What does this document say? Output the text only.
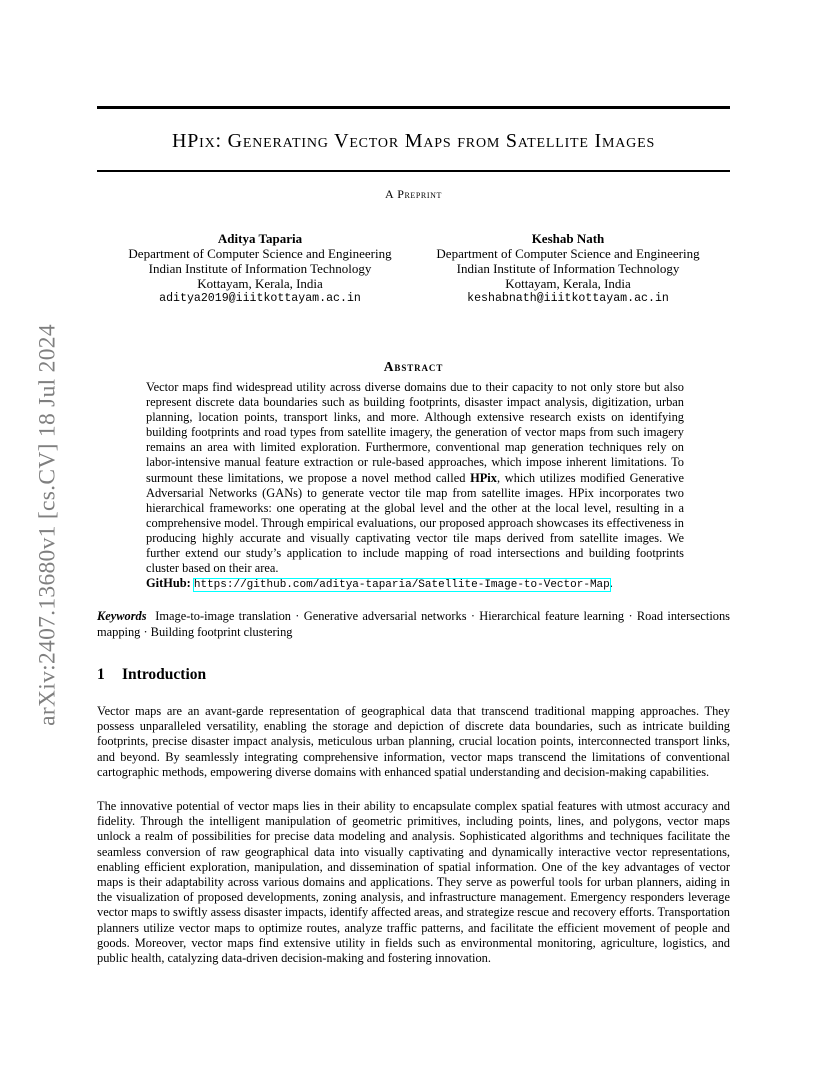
arXiv:2407.13680v1 [cs.CV] 18 Jul 2024
HPix: Generating Vector Maps from Satellite Images
A Preprint
Aditya Taparia
Department of Computer Science and Engineering
Indian Institute of Information Technology
Kottayam, Kerala, India
aditya2019@iiitkottayam.ac.in
Keshab Nath
Department of Computer Science and Engineering
Indian Institute of Information Technology
Kottayam, Kerala, India
keshabnath@iiitkottayam.ac.in
Abstract
Vector maps find widespread utility across diverse domains due to their capacity to not only store but also represent discrete data boundaries such as building footprints, disaster impact analysis, digitization, urban planning, location points, transport links, and more. Although extensive research exists on identifying building footprints and road types from satellite imagery, the generation of vector maps from such imagery remains an area with limited exploration. Furthermore, conventional map generation techniques rely on labor-intensive manual feature extraction or rule-based approaches, which impose inherent limitations. To surmount these limitations, we propose a novel method called HPix, which utilizes modified Generative Adversarial Networks (GANs) to generate vector tile map from satellite images. HPix incorporates two hierarchical frameworks: one operating at the global level and the other at the local level, resulting in a comprehensive model. Through empirical evaluations, our proposed approach showcases its effectiveness in producing highly accurate and visually captivating vector tile maps derived from satellite images. We further extend our study’s application to include mapping of road intersections and building footprints cluster based on their area.
GitHub: https://github.com/aditya-taparia/Satellite-Image-to-Vector-Map.
Keywords Image-to-image translation · Generative adversarial networks · Hierarchical feature learning · Road intersections mapping · Building footprint clustering
1 Introduction
Vector maps are an avant-garde representation of geographical data that transcend traditional mapping approaches. They possess unparalleled versatility, enabling the storage and depiction of discrete data boundaries, such as intricate building footprints, precise disaster impact analysis, meticulous urban planning, crucial location points, interconnected transport links, and beyond. By seamlessly integrating comprehensive information, vector maps transcend the limitations of conventional cartographic methods, empowering diverse domains with enhanced spatial understanding and decision-making capabilities.
The innovative potential of vector maps lies in their ability to encapsulate complex spatial features with utmost accuracy and fidelity. Through the intelligent manipulation of geometric primitives, including points, lines, and polygons, vector maps unlock a realm of possibilities for precise data modeling and analysis. Sophisticated algorithms and techniques facilitate the seamless conversion of raw geographical data into visually captivating and dynamically interactive vector representations, enabling efficient exploration, manipulation, and dissemination of spatial information. One of the key advantages of vector maps is their adaptability across various domains and applications. They serve as powerful tools for urban planners, aiding in the visualization of proposed developments, zoning analysis, and infrastructure management. Emergency responders leverage vector maps to swiftly assess disaster impacts, identify affected areas, and strategize rescue and recovery efforts. Transportation planners utilize vector maps to optimize routes, analyze traffic patterns, and facilitate the efficient movement of people and goods. Moreover, vector maps find extensive utility in fields such as environmental monitoring, agriculture, logistics, and public health, catalyzing data-driven decision-making and fostering innovation.
